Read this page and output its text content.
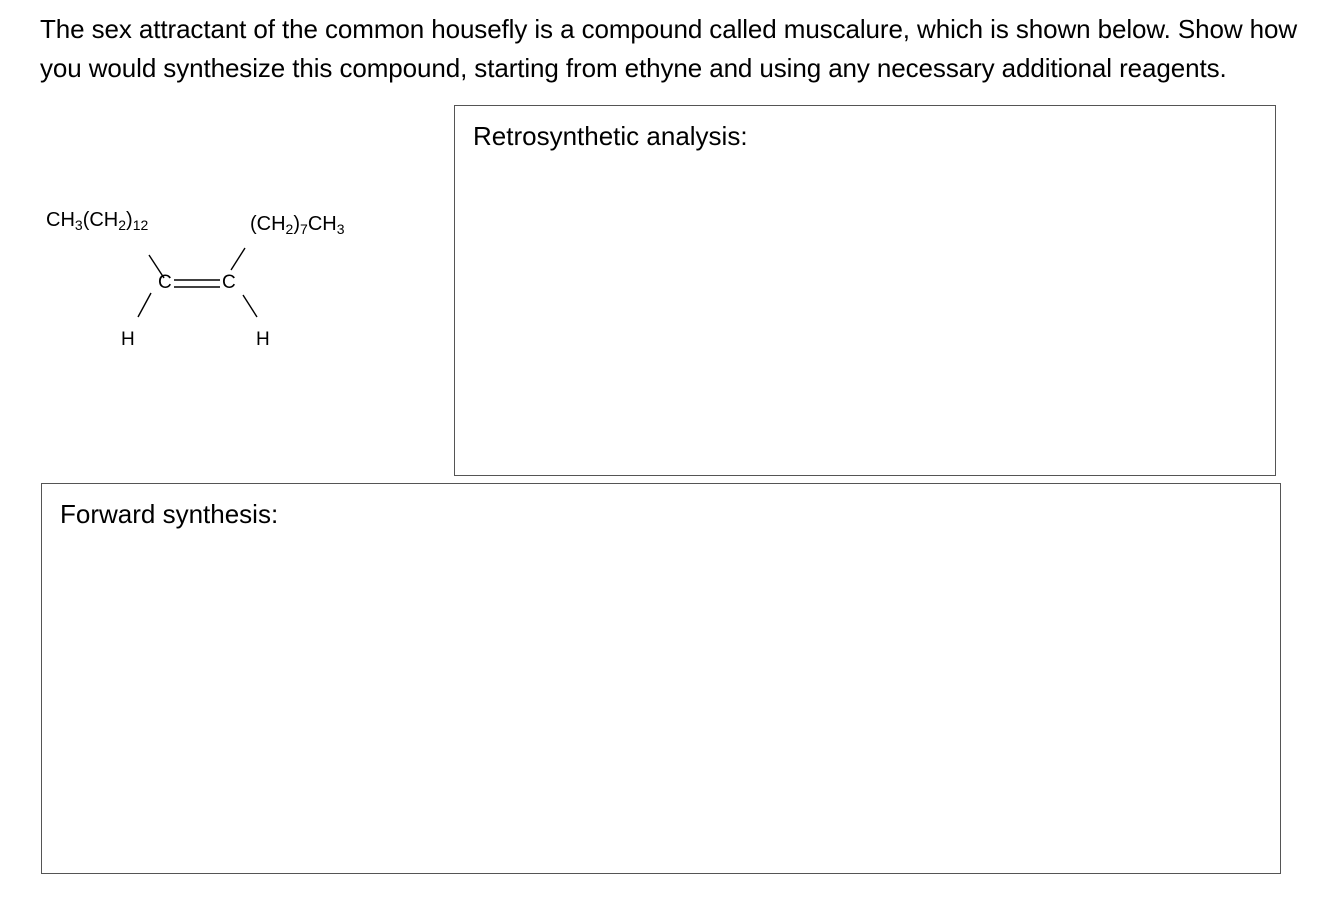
The sex attractant of the common housefly is a compound called muscalure, which is shown below. Show how you would synthesize this compound, starting from ethyne and using any necessary additional reagents.

$CH_3(CH_2)_{12}$	$(CH_2)_7CH_3$
C	C
H	H
Retrosynthetic analysis:
Forward synthesis:
